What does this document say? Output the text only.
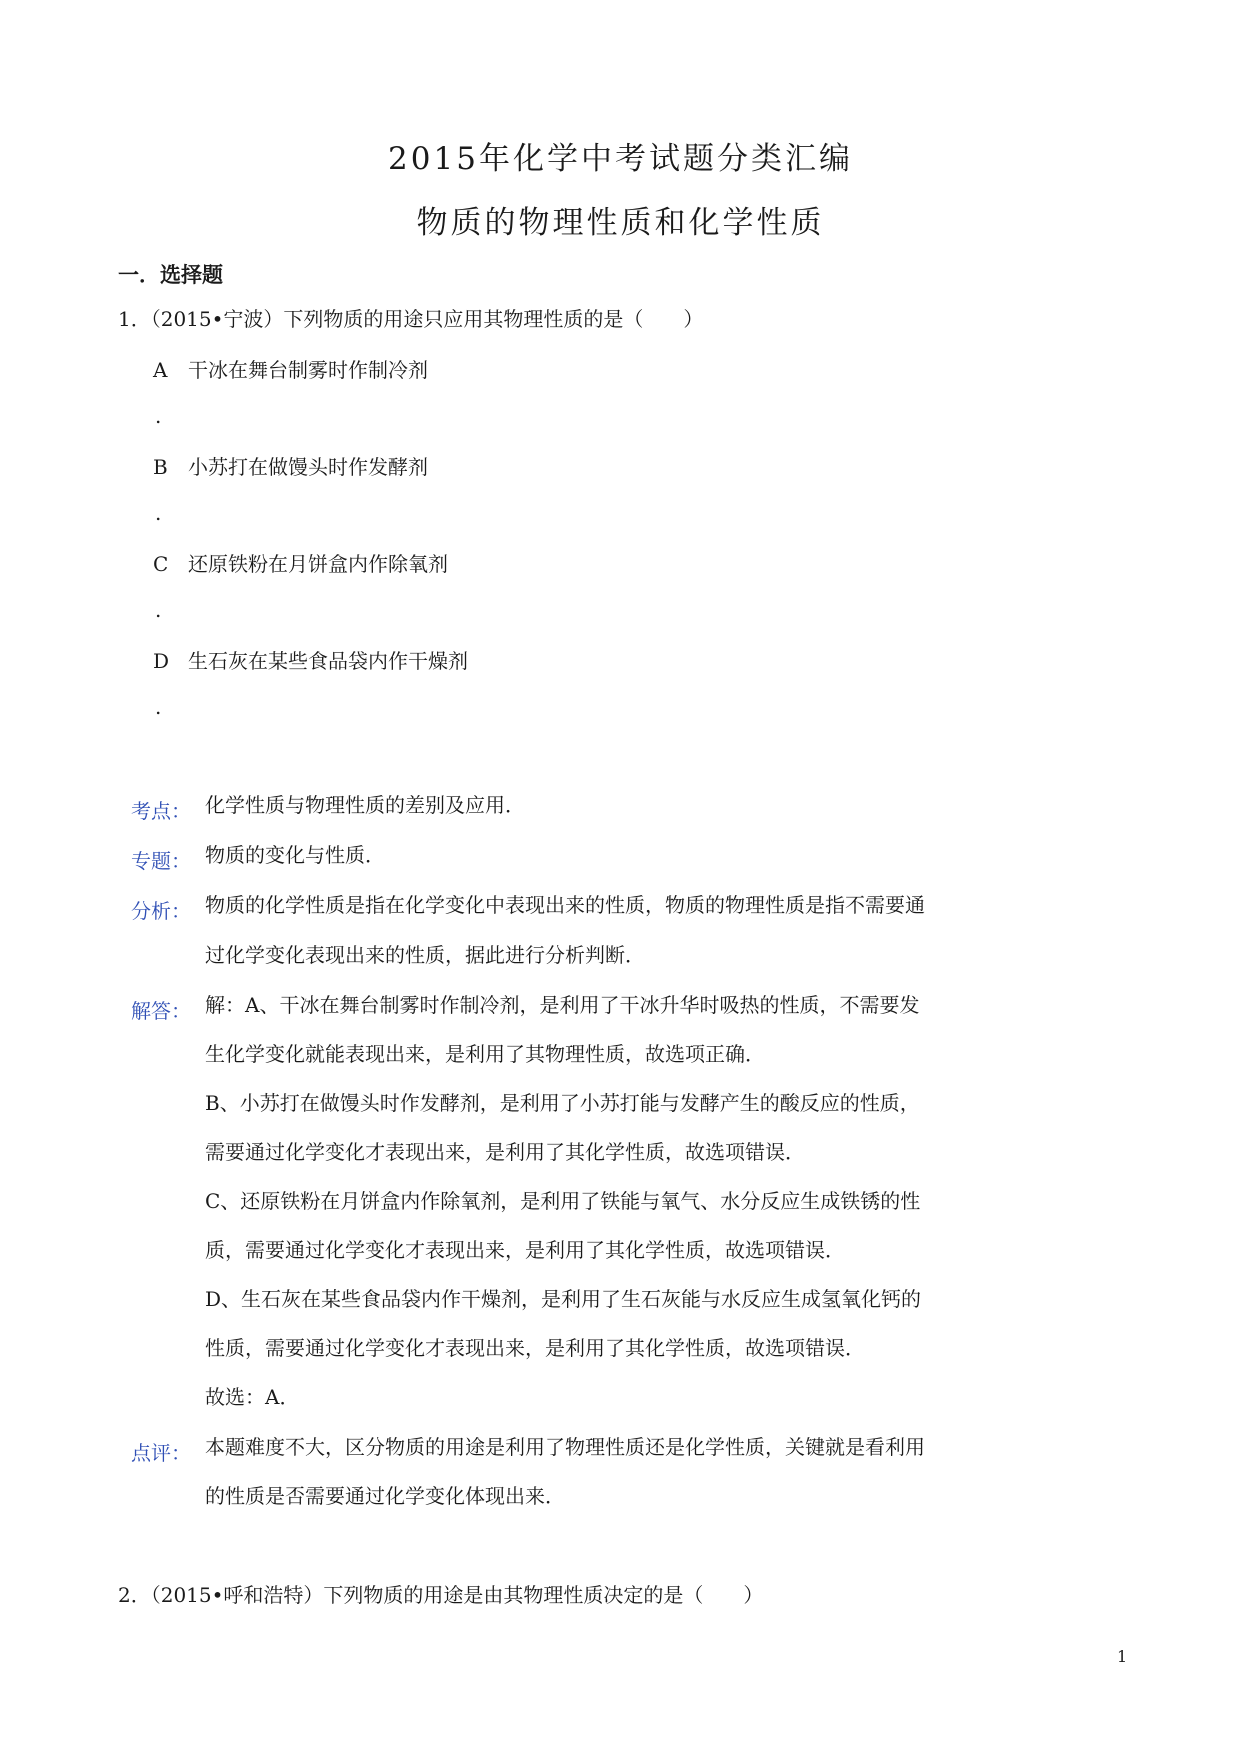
2015年化学中考试题分类汇编
物质的物理性质和化学性质
一．选择题
1．（2015•宁波）下列物质的用途只应用其物理性质的是（　　）
A 干冰在舞台制雾时作制冷剂
.
B 小苏打在做馒头时作发酵剂
.
C 还原铁粉在月饼盒内作除氧剂
.
D 生石灰在某些食品袋内作干燥剂
.
考点： 化学性质与物理性质的差别及应用．
专题： 物质的变化与性质．
分析： 物质的化学性质是指在化学变化中表现出来的性质，物质的物理性质是指不需要通
过化学变化表现出来的性质，据此进行分析判断．
解答： 解：A、干冰在舞台制雾时作制冷剂，是利用了干冰升华时吸热的性质，不需要发
生化学变化就能表现出来，是利用了其物理性质，故选项正确．
B、小苏打在做馒头时作发酵剂，是利用了小苏打能与发酵产生的酸反应的性质，
需要通过化学变化才表现出来，是利用了其化学性质，故选项错误．
C、还原铁粉在月饼盒内作除氧剂，是利用了铁能与氧气、水分反应生成铁锈的性
质，需要通过化学变化才表现出来，是利用了其化学性质，故选项错误．
D、生石灰在某些食品袋内作干燥剂，是利用了生石灰能与水反应生成氢氧化钙的
性质，需要通过化学变化才表现出来，是利用了其化学性质，故选项错误．
故选：A．
点评： 本题难度不大，区分物质的用途是利用了物理性质还是化学性质，关键就是看利用
的性质是否需要通过化学变化体现出来．
2．（2015•呼和浩特）下列物质的用途是由其物理性质决定的是（　　）
1
